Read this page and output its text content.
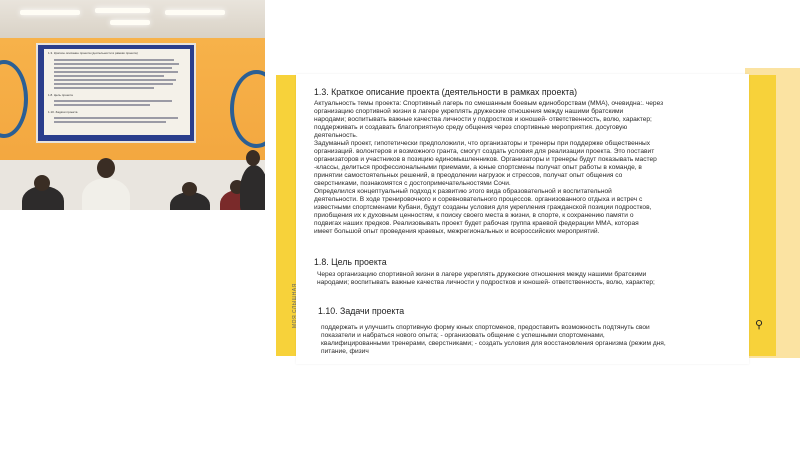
1.3. Краткое описание проекта (деятельности в рамках проекта)
1.8. Цель проекта
1.10. Задачи проекта
МОЯ СЛЫШНАЯ	⚲
1.3. Краткое описание проекта (деятельности в рамках проекта)
Актуальность темы проекта: Спортивный лагерь по смешанным боевым единоборствам (ММА), очевидна:. через
организацию спортивной жизни в лагере укреплять дружеские отношения между нашими братскими
народами; воспитывать важные качества личности у подростков и юношей- ответственность, волю, характер;
поддерживать и создавать благоприятную среду общения через спортивные мероприятия. досуговую
деятельность.
Задуманый проект, гипотетически предположили, что организаторы и тренеры при поддержке общественных
организаций. волонтеров и возможного гранта, смогут создать условия для реализации проекта. Это поставит
организаторов и участников в позицию единомышленников. Организаторы и тренеры будут показывать мастер
-классы, делиться профессиональными приемами, а юные спортсмены получат опыт работы в команде, в
принятии самостоятельных решений, в преодолении нагрузок и стрессов, получат опыт общения со
сверстниками, познакомятся с достопримечательностями Сочи.
Определился концептуальный подход к развитию этого вида образовательной и воспитательной
деятельности. В ходе тренировочного и соревновательного процессов. организованного отдыха и встреч с
известными спортсменами Кубани, будут созданы условия для укрепления гражданской позиции подростков,
приобщения их к духовным ценностям, к поиску своего места в жизни, в спорте, к сохранению памяти о
подвигах наших предков. Реализовывать проект будет рабочая группа краевой федерации ММА, которая
имеет большой опыт проведения краевых, межрегиональных и всероссийских мероприятий.
1.8. Цель проекта
Через организацию спортивной жизни в лагере укреплять дружеские отношения между нашими братскими
народами; воспитывать важные качества личности у подростков и юношей- ответственность, волю, характер;
1.10. Задачи проекта
поддержать и улучшить спортивную форму юных спортсменов, предоставить возможность подтянуть свои
показатели и набраться нового опыта; - организовать общение с успешными спортсменами,
квалифицированными тренерами, сверстниками; - создать условия для восстановления организма (режим дня,
питание, физич
